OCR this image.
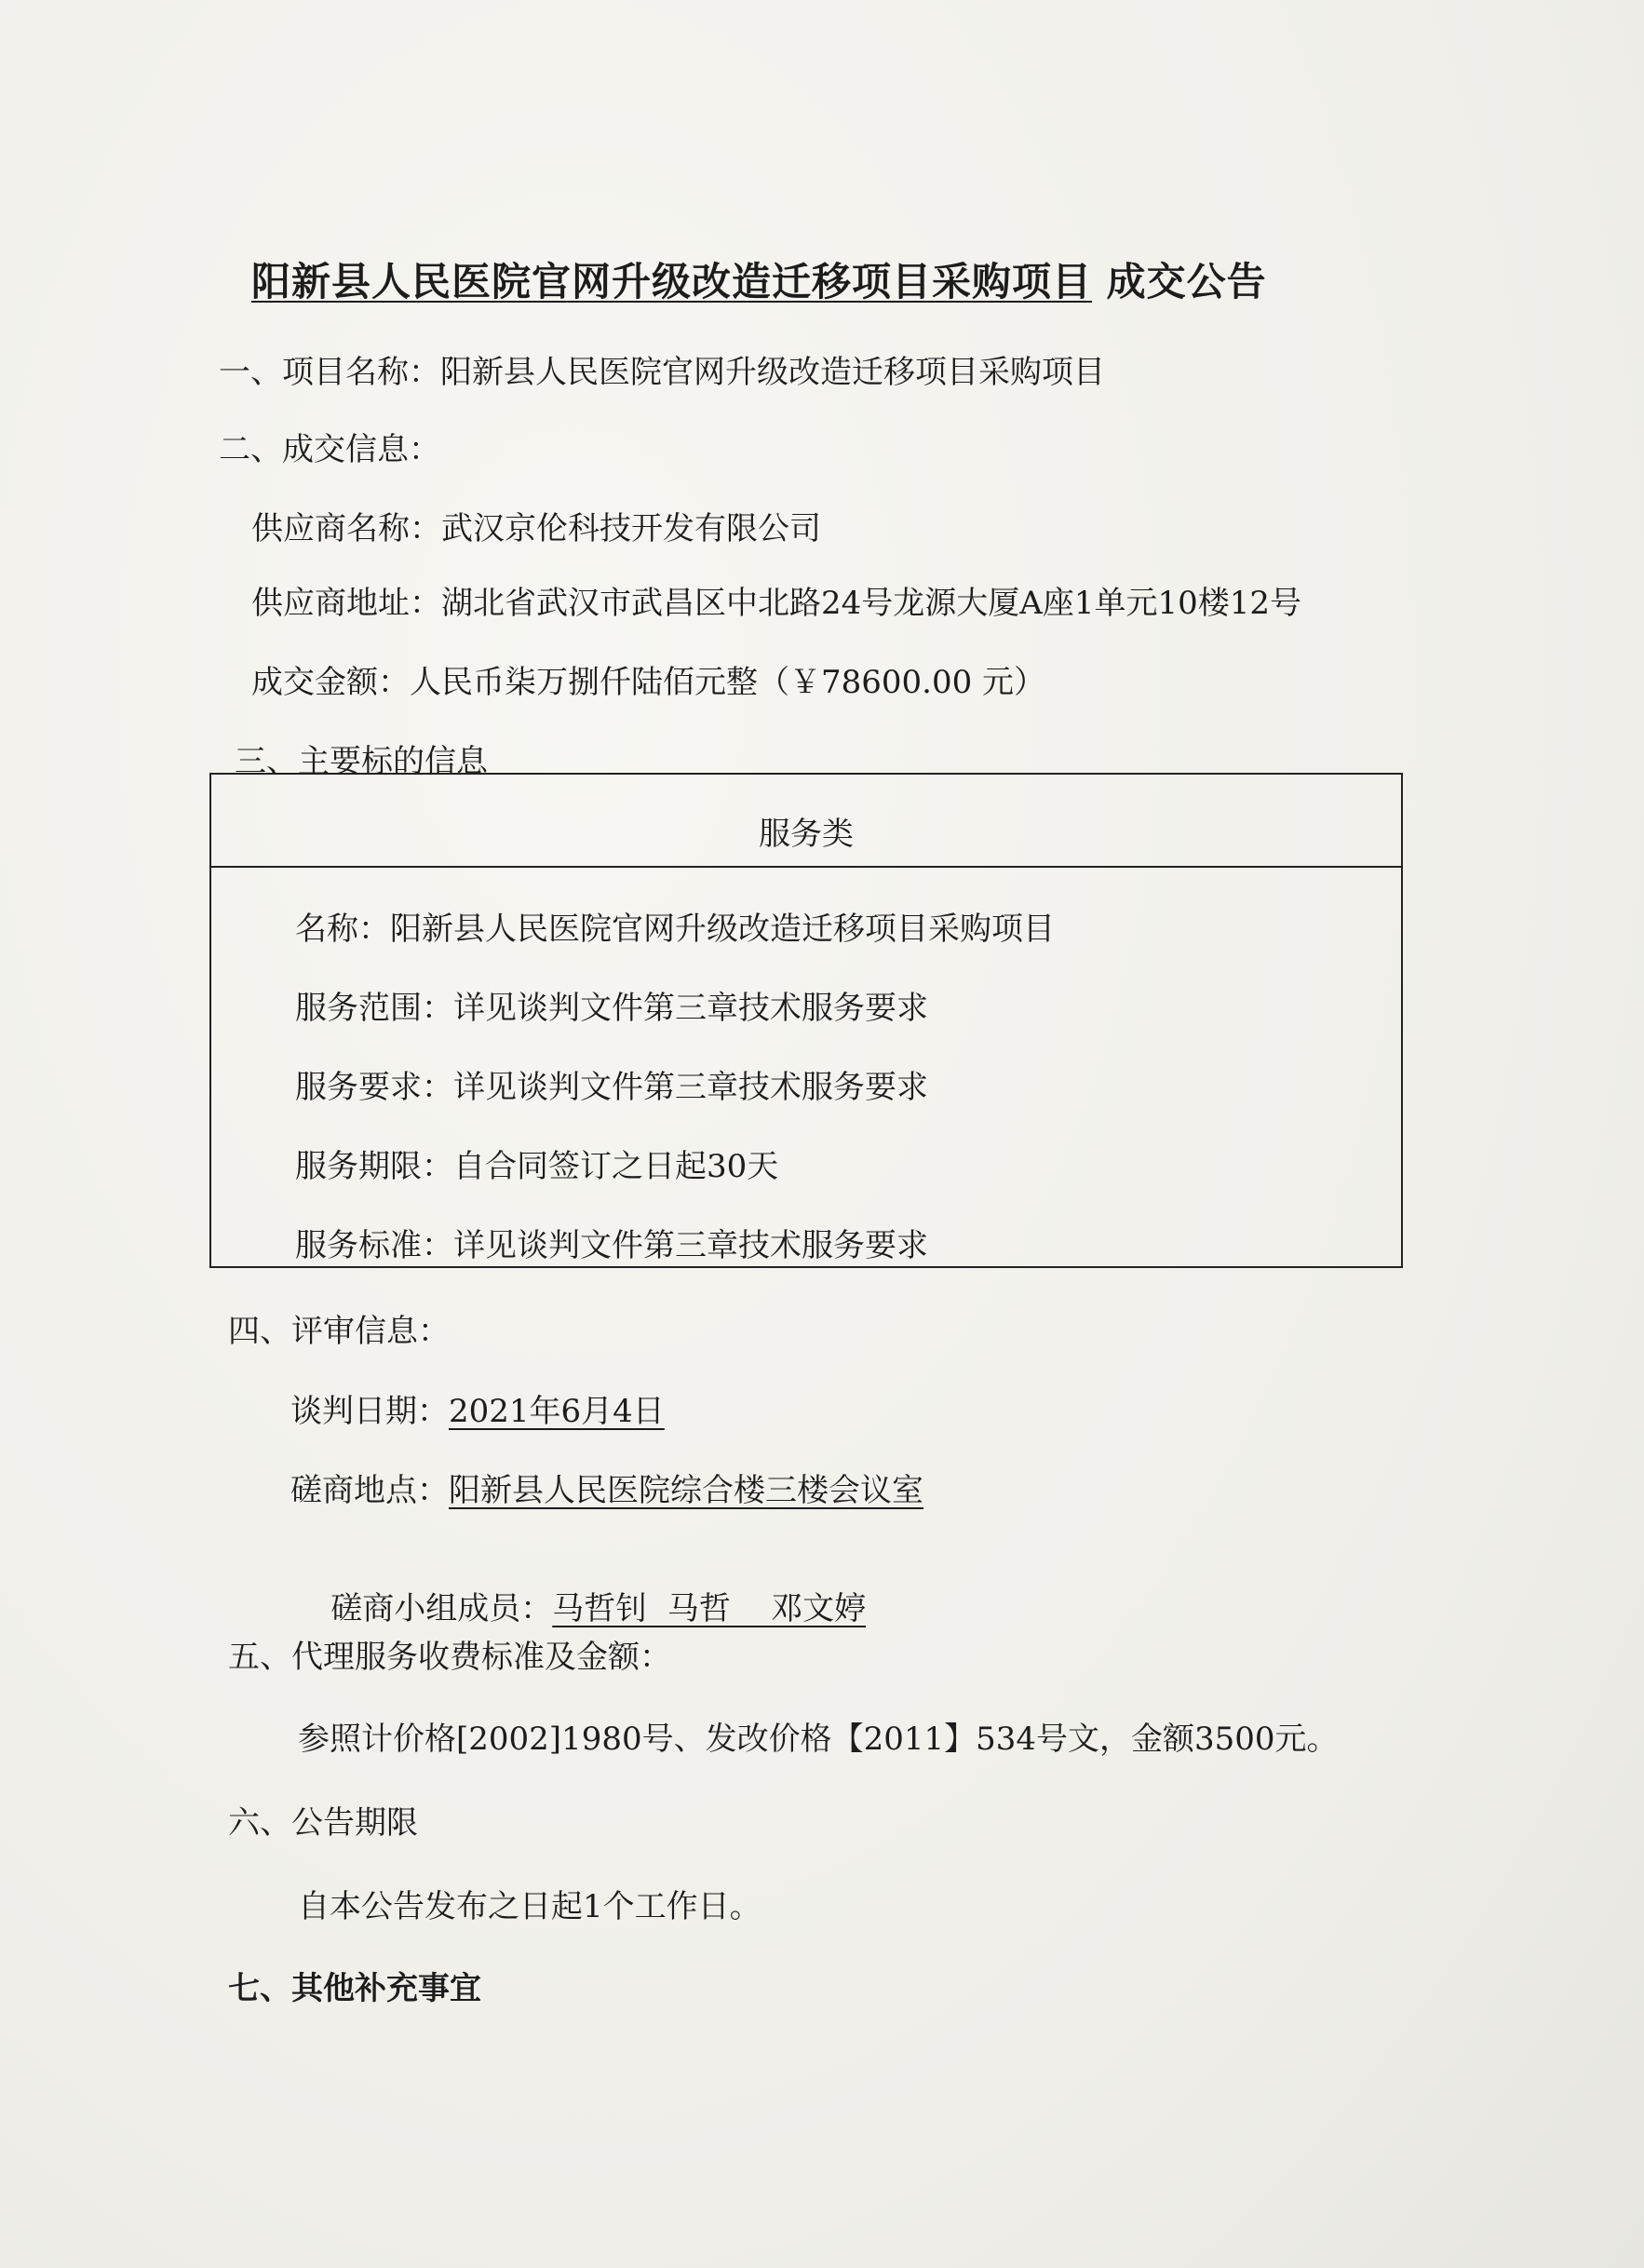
阳新县人民医院官网升级改造迁移项目采购项目 成交公告
一、项目名称：阳新县人民医院官网升级改造迁移项目采购项目
二、成交信息：
供应商名称：武汉京伦科技开发有限公司
供应商地址：湖北省武汉市武昌区中北路24号龙源大厦A座1单元10楼12号
成交金额：人民币柒万捌仟陆佰元整（￥78600.00 元）
三、主要标的信息
服务类
名称：阳新县人民医院官网升级改造迁移项目采购项目
服务范围：详见谈判文件第三章技术服务要求
服务要求：详见谈判文件第三章技术服务要求
服务期限：自合同签订之日起30天
服务标准：详见谈判文件第三章技术服务要求
四、评审信息：
谈判日期：2021年6月4日
磋商地点：阳新县人民医院综合楼三楼会议室

磋商小组成员：马哲钊  马哲    邓文婷

五、代理服务收费标准及金额：
参照计价格[2002]1980号、发改价格【2011】534号文，金额3500元。
六、公告期限
自本公告发布之日起1个工作日。
七、其他补充事宜
